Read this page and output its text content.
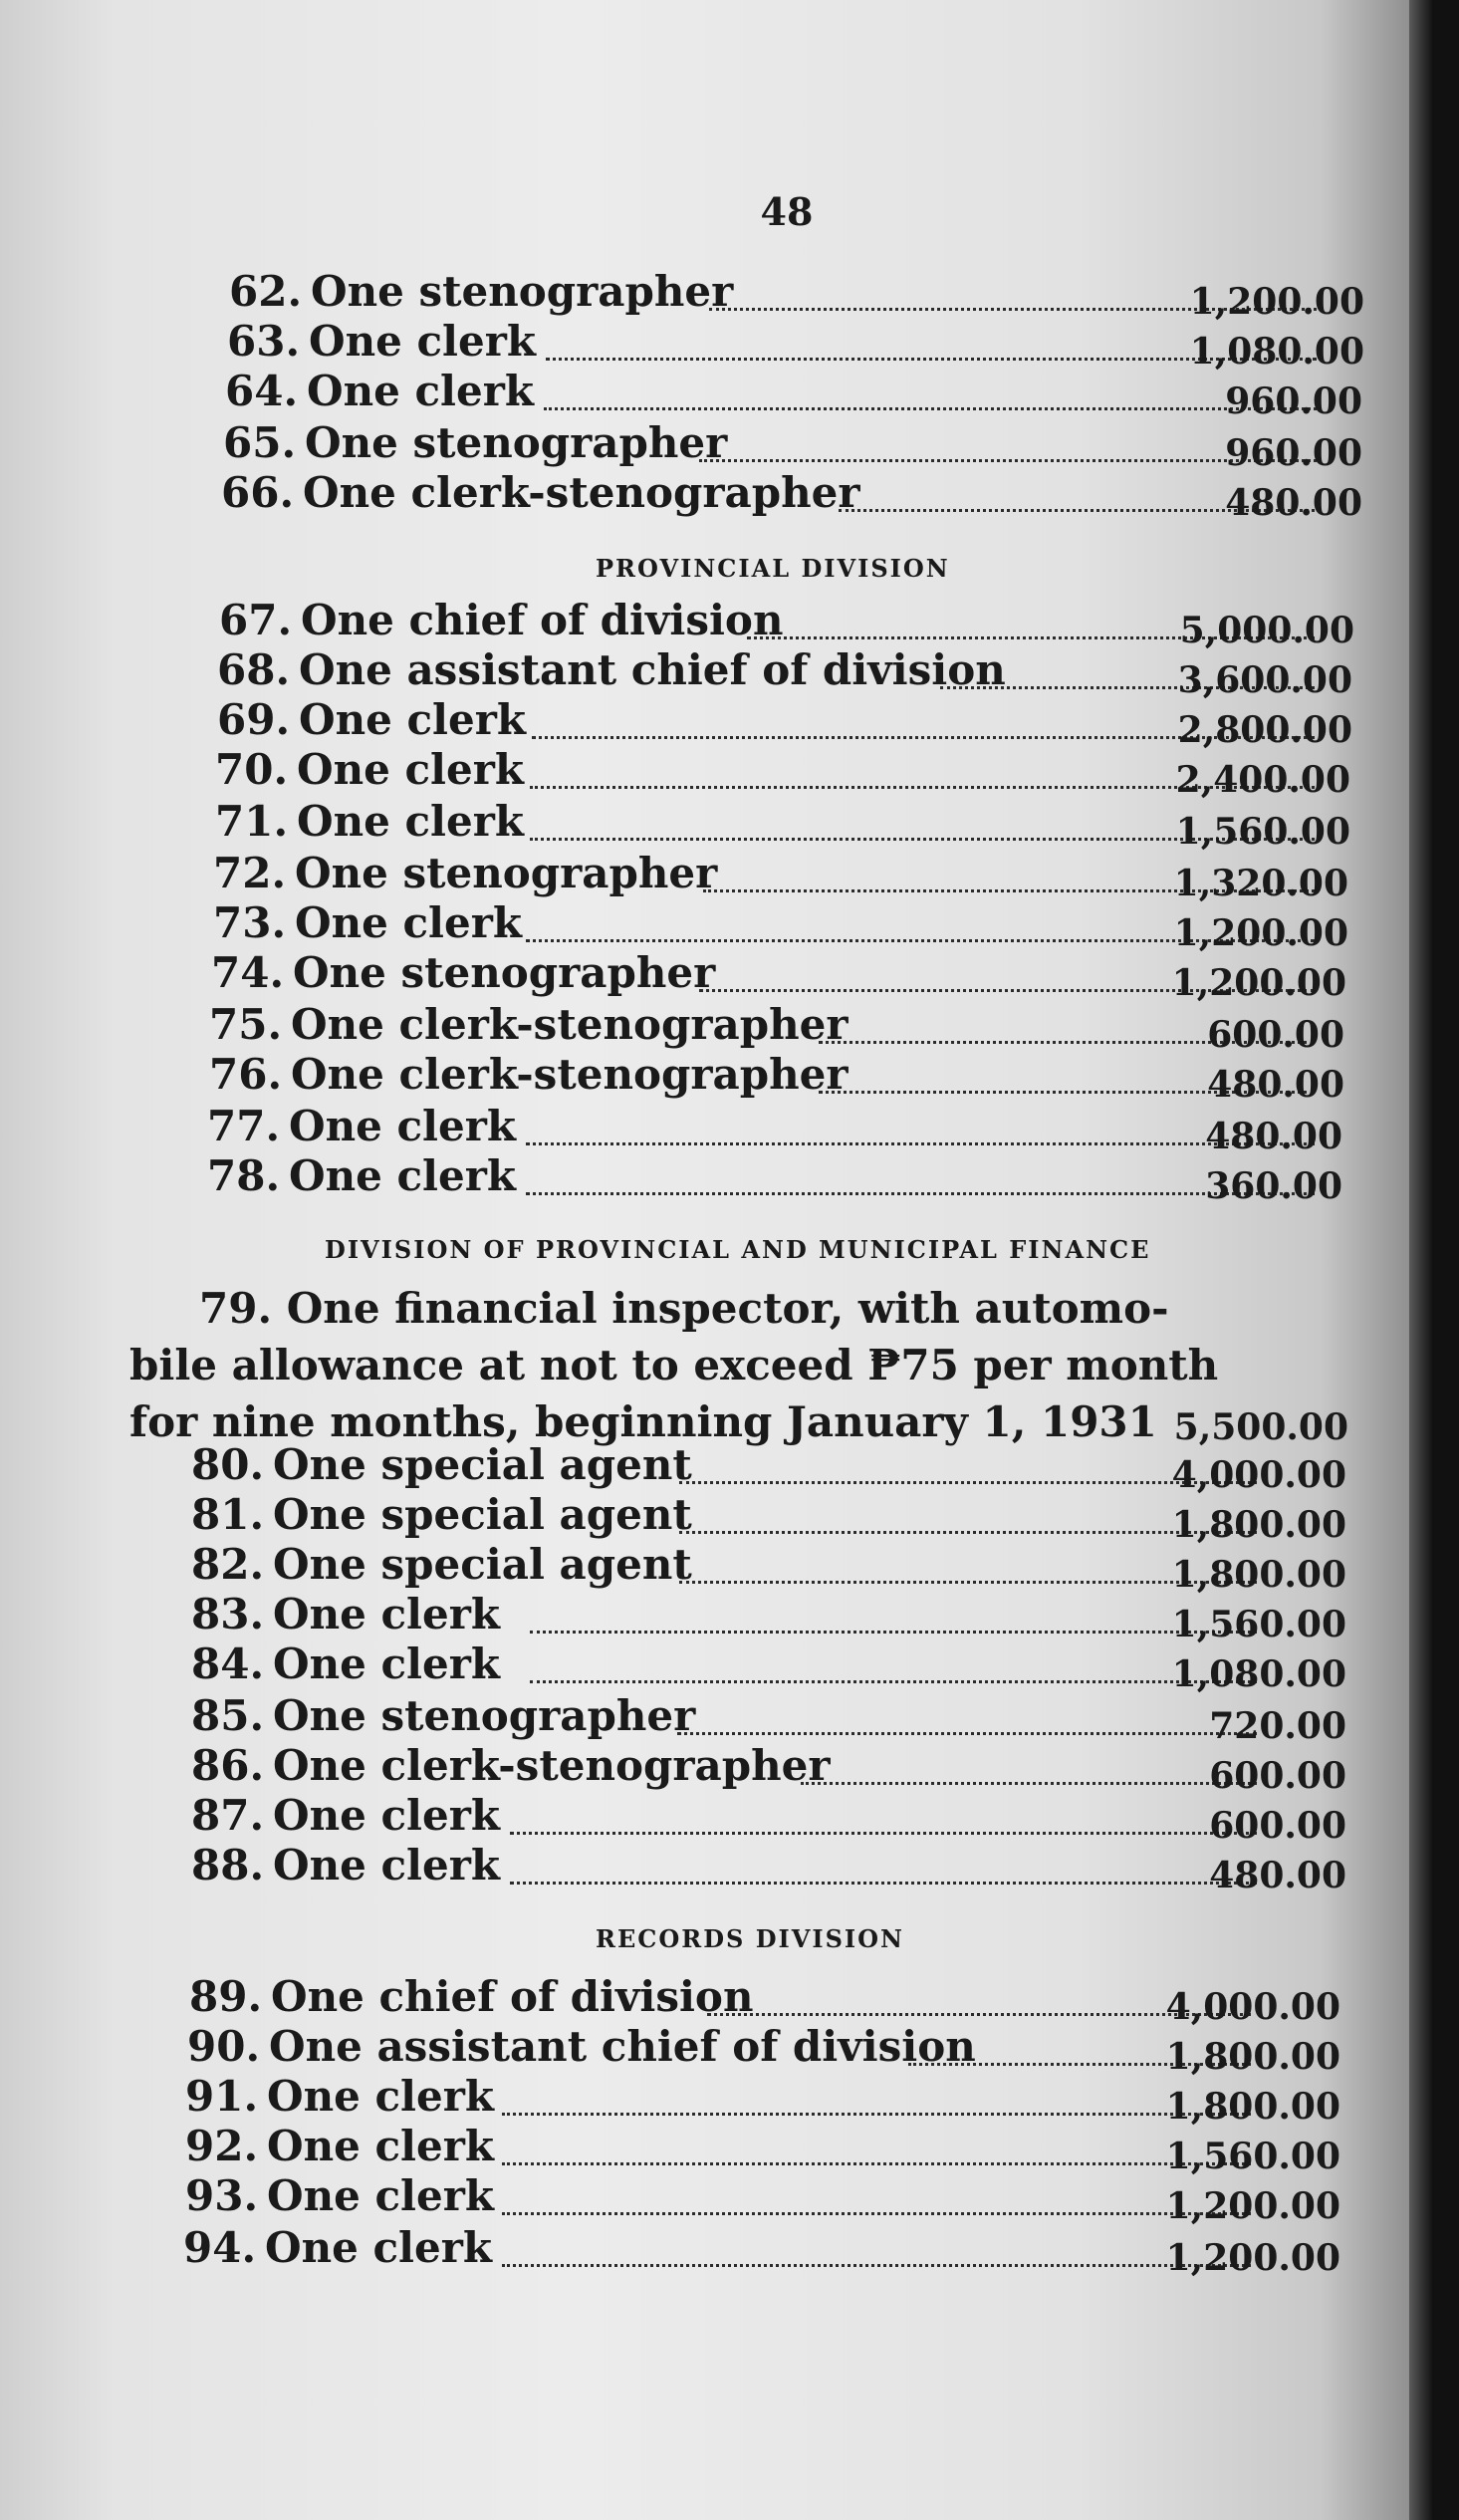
48
62. One stenographer	1,200.00
63. One clerk	1,080.00
64. One clerk	960.00
65. One stenographer	960.00
66. One clerk-stenographer	480.00
PROVINCIAL DIVISION
67. One chief of division	5,000.00
68. One assistant chief of division	3,600.00
69. One clerk	2,800.00
70. One clerk	2,400.00
71. One clerk	1,560.00
72. One stenographer	1,320.00
73. One clerk	1,200.00
74. One stenographer	1,200.00
75. One clerk-stenographer	600.00
76. One clerk-stenographer	480.00
77. One clerk	480.00
78. One clerk	360.00
DIVISION OF PROVINCIAL AND MUNICIPAL FINANCE
79. One financial inspector, with automo-
bile allowance at not to exceed ₱75 per month
for nine months, beginning January 1, 1931 5,500.00
80. One special agent	4,000.00
81. One special agent	1,800.00
82. One special agent	1,800.00
83. One clerk	1,560.00
84. One clerk	1,080.00
85. One stenographer	720.00
86. One clerk-stenographer	600.00
87. One clerk	600.00
88. One clerk	480.00
RECORDS DIVISION
89. One chief of division	4,000.00
90. One assistant chief of division	1,800.00
91. One clerk	1,800.00
92. One clerk	1,560.00
93. One clerk	1,200.00
94. One clerk	1,200.00
